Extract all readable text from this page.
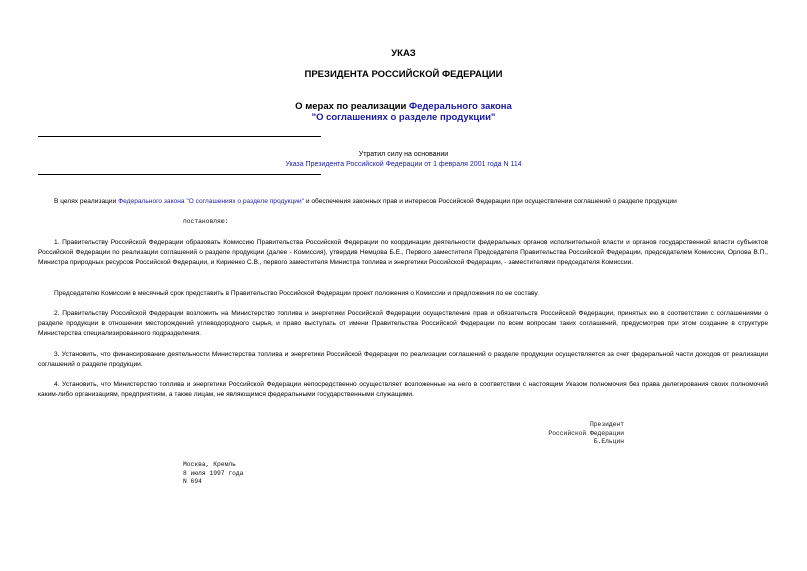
УКАЗ
ПРЕЗИДЕНТА РОССИЙСКОЙ ФЕДЕРАЦИИ
О мерах по реализации Федерального закона
"О соглашениях о разделе продукции"
Утратил силу на основании
Указа Президента Российской Федерации от 1 февраля 2001 года N 114
В целях реализации Федерального закона "О соглашениях о разделе продукции" и обеспечения законных прав и интересов Российской Федерации при осуществлении соглашений о разделе продукции
постановляю:
1. Правительству Российской Федерации образовать Комиссию Правительства Российской Федерации по координации деятельности федеральных органов исполнительной власти и органов государственной власти субъектов Российской Федерации по реализации соглашений о разделе продукции (далее - Комиссия), утвердив Немцова Б.Е., Первого заместителя Председателя Правительства Российской Федерации, председателем Комиссии, Орлова В.П., Министра природных ресурсов Российской Федерации, и Кириенко С.В., первого заместителя Министра топлива и энергетики Российской Федерации, - заместителями председателя Комиссии.
Председателю Комиссии в месячный срок представить в Правительство Российской Федерации проект положения о Комиссии и предложения по ее составу.
2. Правительству Российской Федерации возложить на Министерство топлива и энергетики Российской Федерации осуществление прав и обязательств Российской Федерации, принятых ею в соответствии с соглашениями о разделе продукции в отношении месторождений углеводородного сырья, и право выступать от имени Правительства Российской Федерации по всем вопросам таких соглашений, предусмотрев при этом создание в структуре Министерства специализированного подразделения.
3. Установить, что финансирование деятельности Министерства топлива и энергетики Российской Федерации по реализации соглашений о разделе продукции осуществляется за счет федеральной части доходов от реализации соглашений о разделе продукции.
4. Установить, что Министерство топлива и энергетики Российской Федерации непосредственно осуществляет возложенные на него в соответствии с настоящим Указом полномочия без права делегирования своих полномочий каким-либо организациям, предприятиям, а также лицам, не являющимся федеральными государственными служащими.
Президент
Российской Федерации
Б.Ельцин
Москва, Кремль
8 июля 1997 года
N 694
